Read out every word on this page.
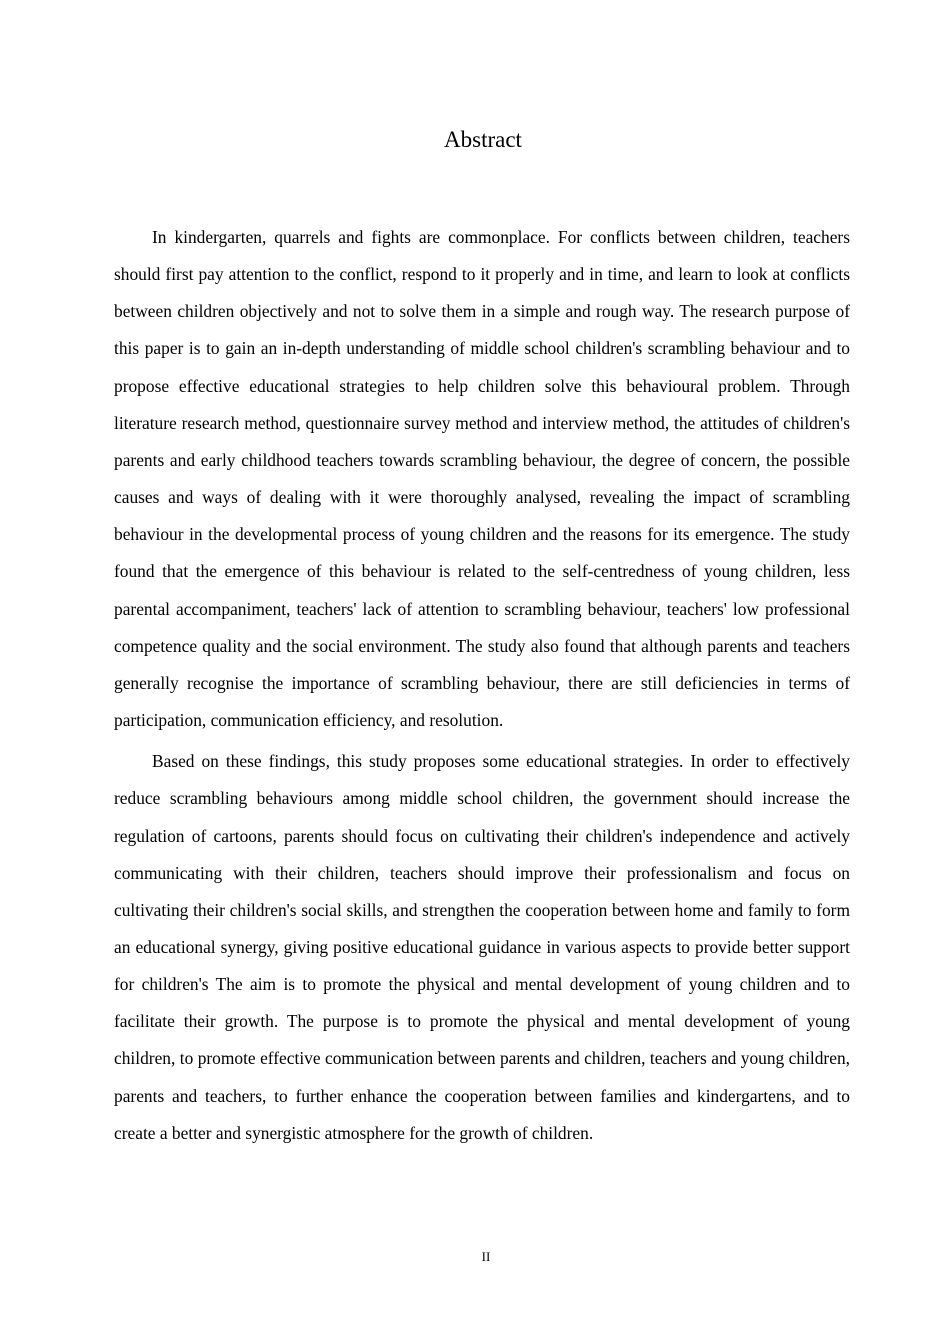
Abstract

In kindergarten, quarrels and fights are commonplace. For conflicts between children, teachers should first pay attention to the conflict, respond to it properly and in time, and learn to look at conflicts between children objectively and not to solve them in a simple and rough way. The research purpose of this paper is to gain an in-depth understanding of middle school children's scrambling behaviour and to propose effective educational strategies to help children solve this behavioural problem. Through literature research method, questionnaire survey method and interview method, the attitudes of children's parents and early childhood teachers towards scrambling behaviour, the degree of concern, the possible causes and ways of dealing with it were thoroughly analysed, revealing the impact of scrambling behaviour in the developmental process of young children and the reasons for its emergence. The study found that the emergence of this behaviour is related to the self-centredness of young children, less parental accompaniment, teachers' lack of attention to scrambling behaviour, teachers' low professional competence quality and the social environment. The study also found that although parents and teachers generally recognise the importance of scrambling behaviour, there are still deficiencies in terms of participation, communication efficiency, and resolution.

Based on these findings, this study proposes some educational strategies. In order to effectively reduce scrambling behaviours among middle school children, the government should increase the regulation of cartoons, parents should focus on cultivating their children's independence and actively communicating with their children, teachers should improve their professionalism and focus on cultivating their children's social skills, and strengthen the cooperation between home and family to form an educational synergy, giving positive educational guidance in various aspects to provide better support for children's The aim is to promote the physical and mental development of young children and to facilitate their growth. The purpose is to promote the physical and mental development of young children, to promote effective communication between parents and children, teachers and young children, parents and teachers, to further enhance the cooperation between families and kindergartens, and to create a better and synergistic atmosphere for the growth of children.

II
